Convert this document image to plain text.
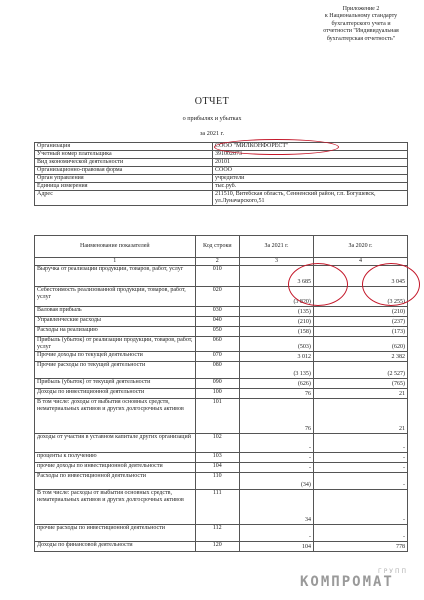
Приложение 2
к Национальному стандарту
бухгалтерского учета и
отчетности "Индивидуальная
бухгалтерская отчетность"
ОТЧЕТ
о прибылях и убытках
за 2021 г.
Организация	СООО "МИЛКОНФОРЕСТ"
Учетный номер плательщика	391002873
Вид экономической деятельности	20101
Организационно-правовая форма	СООО
Орган управления	учредители
Единица измерения	тыс.руб.
Адрес	211510, Витебская область, Сенненский район, г.п. Богушевск, ул.Луначарского,51
Наименование показателей	Код строки	За 2021 г.	За 2020 г.
1	2	3	4
Выручка от реализации продукции, товаров, работ, услуг	010	3 685	3 045
Себестоимость реализованной продукции, товаров, работ, услуг	020	(3 820)	(3 255)
Валовая прибыль	030	(135)	(210)
Управленческие расходы	040	(210)	(237)
Расходы на реализацию	050	(158)	(173)
Прибыль (убыток) от реализации продукции, товаров, работ, услуг	060	(503)	(620)
Прочие доходы по текущей деятельности	070	3 012	2 382
Прочие расходы по текущей деятельности	080	(3 135)	(2 527)
Прибыль (убыток) от текущей деятельности	090	(626)	(765)
Доходы по инвестиционной деятельности	100	76	21
В том числе: доходы от выбытия основных средств, нематериальных активов и других долгосрочных активов	101	76	21
доходы от участия в уставном капитале других организаций	102	-	-
проценты к получению	103	-	-
прочие доходы по инвестиционной деятельности	104	-	-
Расходы по инвестиционной деятельности	110	(34)	-
В том числе: расходы от выбытия основных средств, нематериальных активов и других долгосрочных активов	111	34	-
прочие расходы по инвестиционной деятельности	112	-	-
Доходы по финансовой деятельности	120	104	778
ГРУПП
КОМПРОМАТ
